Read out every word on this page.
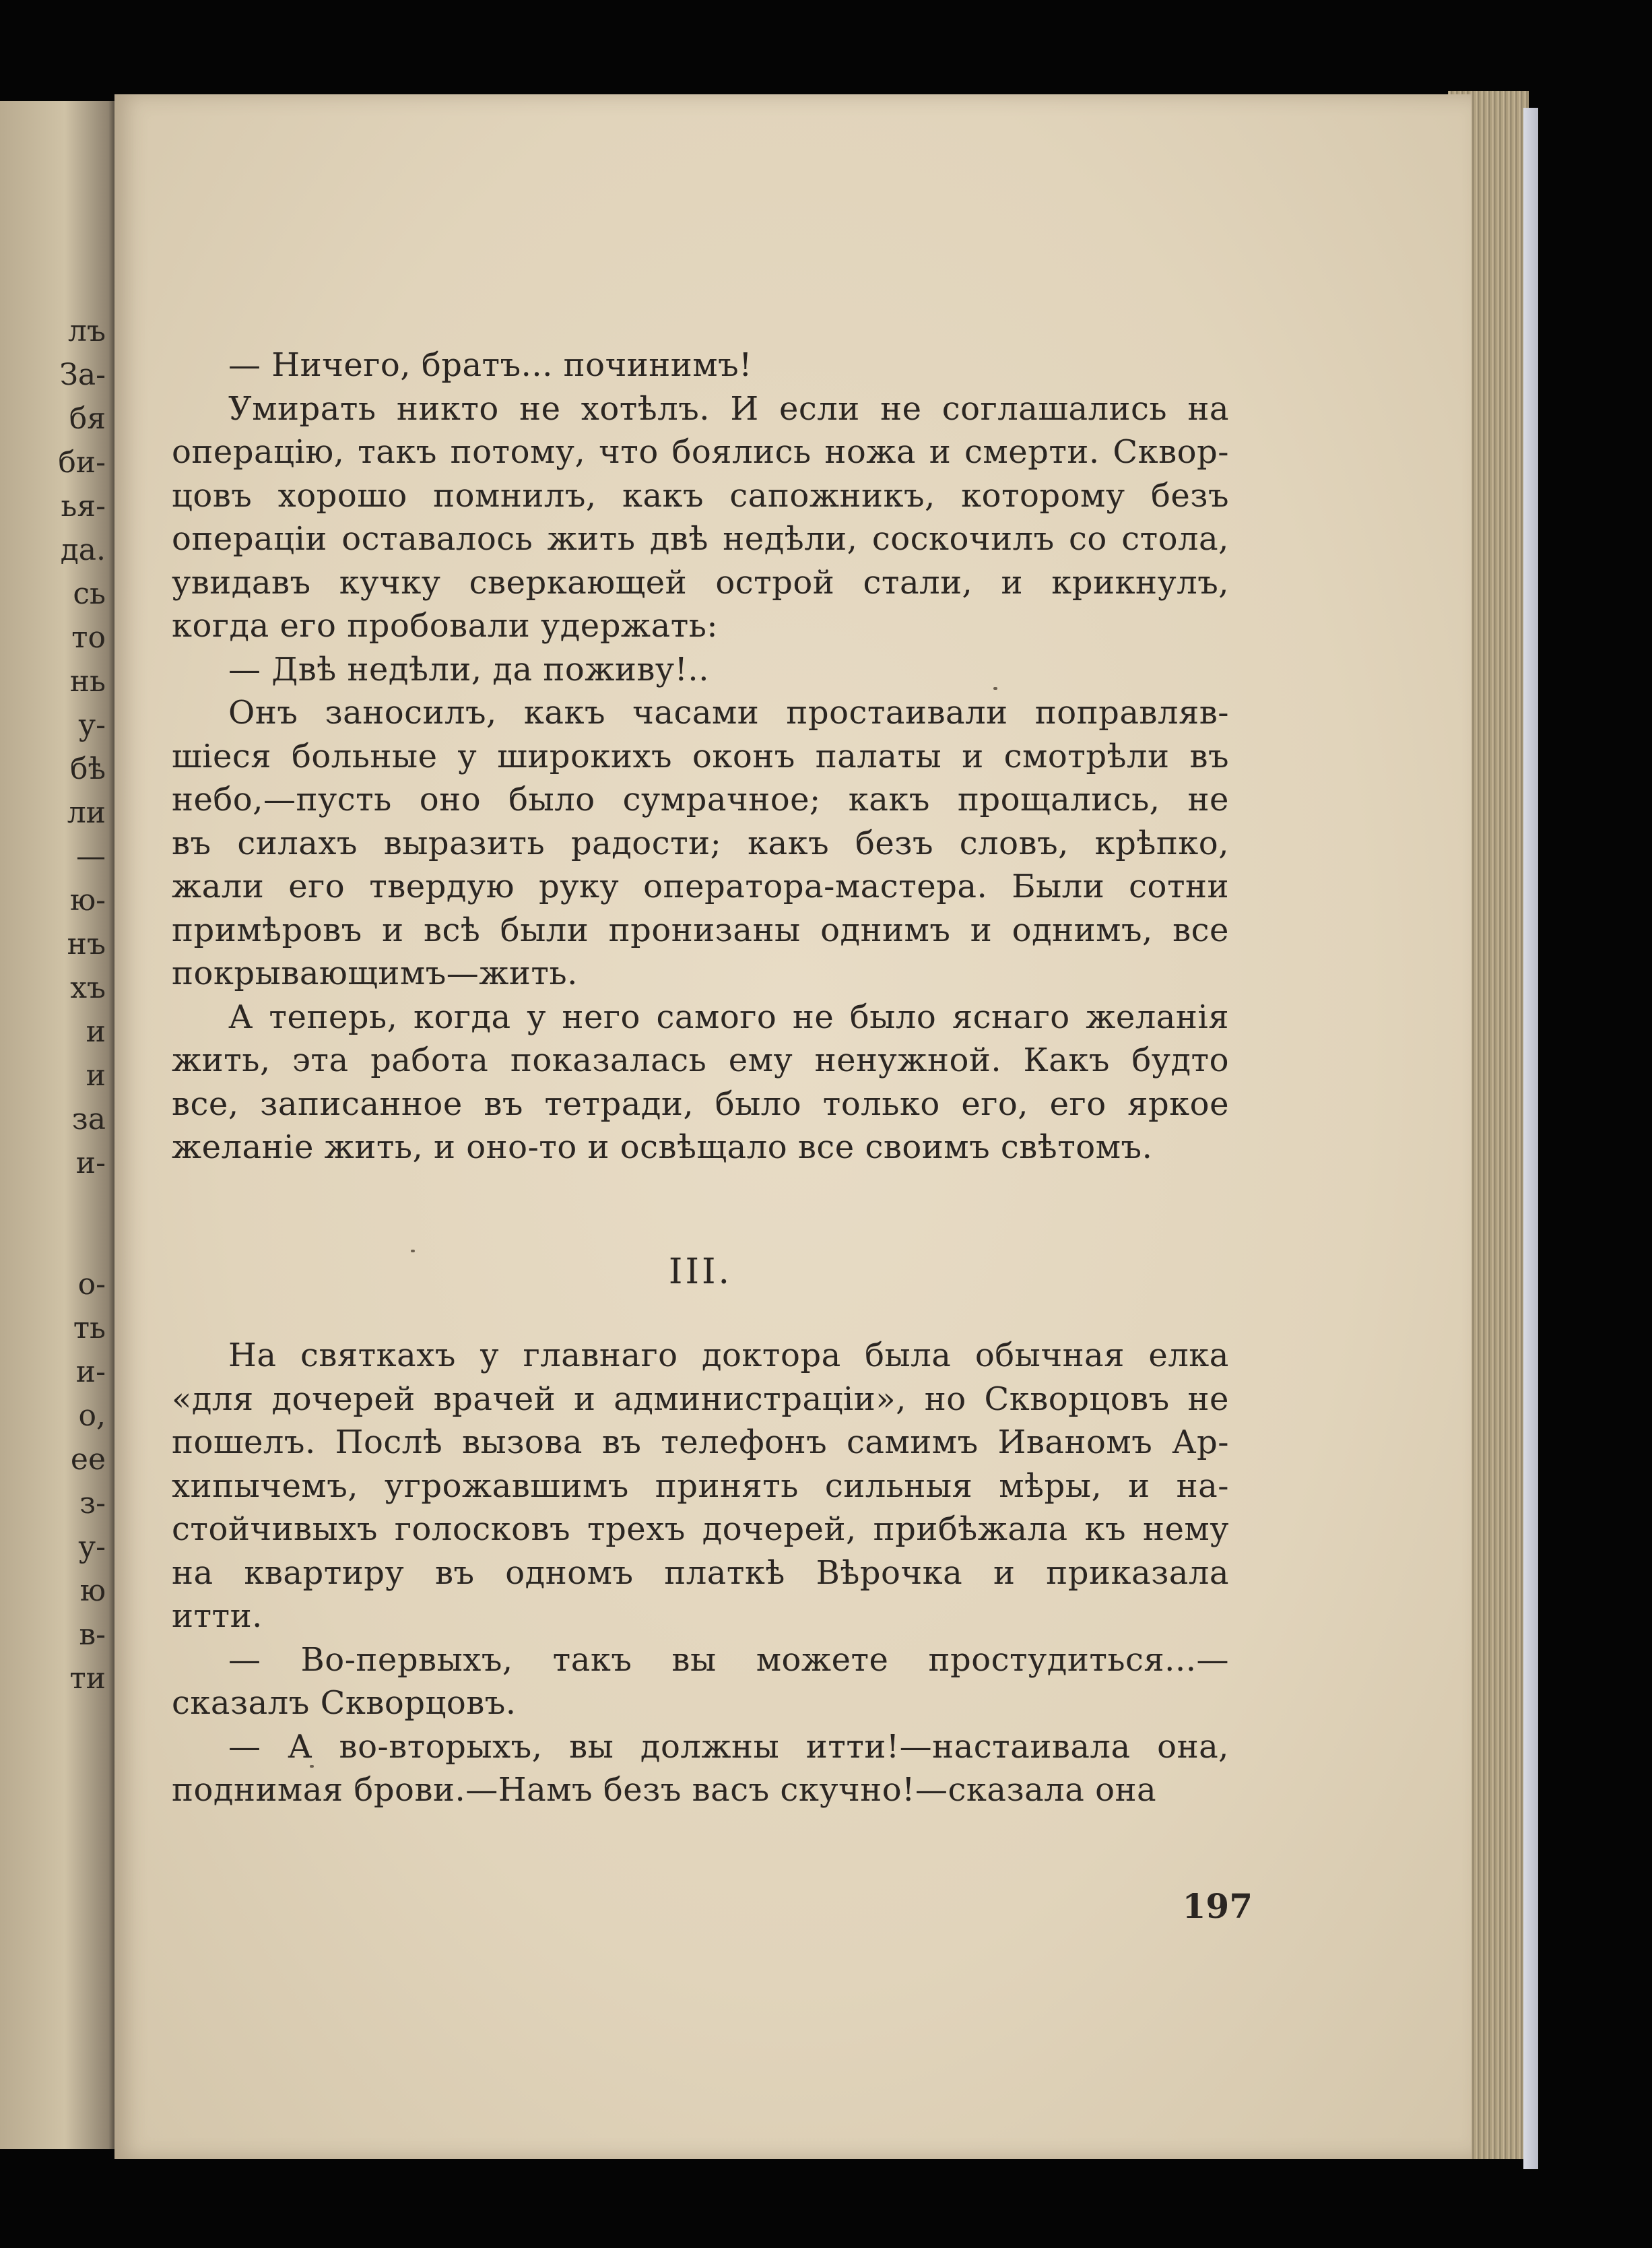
лъ
За-
бя
би-
ья-
да.
сь
то
нь
у-
бѣ
ли
—
ю-
нъ
хъ
и
и
за
и-
о-
ть
и-
о,
ее
з-
у-
ю
в-
ти
— Ничего, братъ... починимъ!
Умирать никто не хотѣлъ. И если не соглашались на
операцію, такъ потому, что боялись ножа и смерти. Сквор-
цовъ хорошо помнилъ, какъ сапожникъ, которому безъ
операціи оставалось жить двѣ недѣли, соскочилъ со стола,
увидавъ кучку сверкающей острой стали, и крикнулъ,
когда его пробовали удержать:
— Двѣ недѣли, да поживу!..
Онъ заносилъ, какъ часами простаивали поправляв-
шіеся больные у широкихъ оконъ палаты и смотрѣли въ
небо,—пусть оно было сумрачное; какъ прощались, не
въ силахъ выразить радости; какъ безъ словъ, крѣпко,
жали его твердую руку оператора-мастера. Были сотни
примѣровъ и всѣ были пронизаны однимъ и однимъ, все
покрывающимъ—жить.
А теперь, когда у него самого не было яснаго желанія
жить, эта работа показалась ему ненужной. Какъ будто
все, записанное въ тетради, было только его, его яркое
желаніе жить, и оно-то и освѣщало все своимъ свѣтомъ.
III.
На святкахъ у главнаго доктора была обычная елка
«для дочерей врачей и администраціи», но Скворцовъ не
пошелъ. Послѣ вызова въ телефонъ самимъ Иваномъ Ар-
хипычемъ, угрожавшимъ принять сильныя мѣры, и на-
стойчивыхъ голосковъ трехъ дочерей, прибѣжала къ нему
на квартиру въ одномъ платкѣ Вѣрочка и приказала
итти.
— Во-первыхъ, такъ вы можете простудиться...—
сказалъ Скворцовъ.
— А во-вторыхъ, вы должны итти!—настаивала она,
поднимая брови.—Намъ безъ васъ скучно!—сказала она
197
